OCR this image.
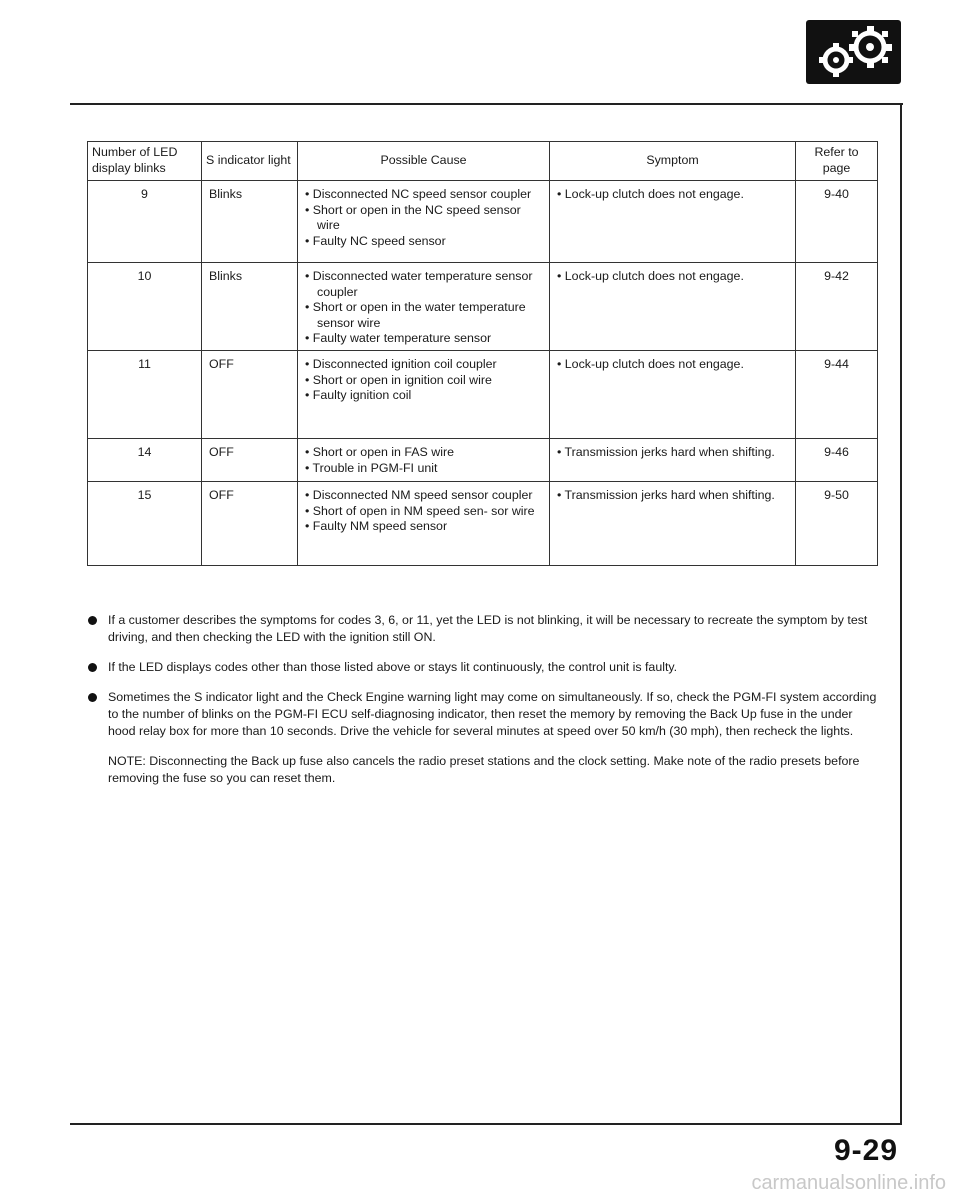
Number of LED display blinks	S indicator light	Possible Cause	Symptom	Refer to page

9	Blinks	• Disconnected NC speed sensor coupler
• Short or open in the NC speed sensor wire
• Faulty NC speed sensor	• Lock-up clutch does not engage.	9-40

10	Blinks	• Disconnected water temperature sensor coupler
• Short or open in the water temperature sensor wire
• Faulty water temperature sensor	• Lock-up clutch does not engage.	9-42

11	OFF	• Disconnected ignition coil coupler
• Short or open in ignition coil wire
• Faulty ignition coil	• Lock-up clutch does not engage.	9-44

14	OFF	• Short or open in FAS wire
• Trouble in PGM-FI unit	• Transmission jerks hard when shifting.	9-46

15	OFF	• Disconnected NM speed sensor coupler
• Short of open in NM speed sen- sor wire
• Faulty NM speed sensor	• Transmission jerks hard when shifting.	9-50
If a customer describes the symptoms for codes 3, 6, or 11, yet the LED is not blinking, it will be necessary to recreate the symptom by test driving, and then checking the LED with the ignition still ON.
If the LED displays codes other than those listed above or stays lit continuously, the control unit is faulty.
Sometimes the S indicator light and the Check Engine warning light may come on simultaneously. If so, check the PGM-FI system according to the number of blinks on the PGM-FI ECU self-diagnosing indicator, then reset the memory by removing the Back Up fuse in the under hood relay box for more than 10 seconds. Drive the vehicle for several minutes at speed over 50 km/h (30 mph), then recheck the lights.
NOTE: Disconnecting the Back up fuse also cancels the radio preset stations and the clock setting. Make note of the radio presets before removing the fuse so you can reset them.
9-29
carmanualsonline.info
